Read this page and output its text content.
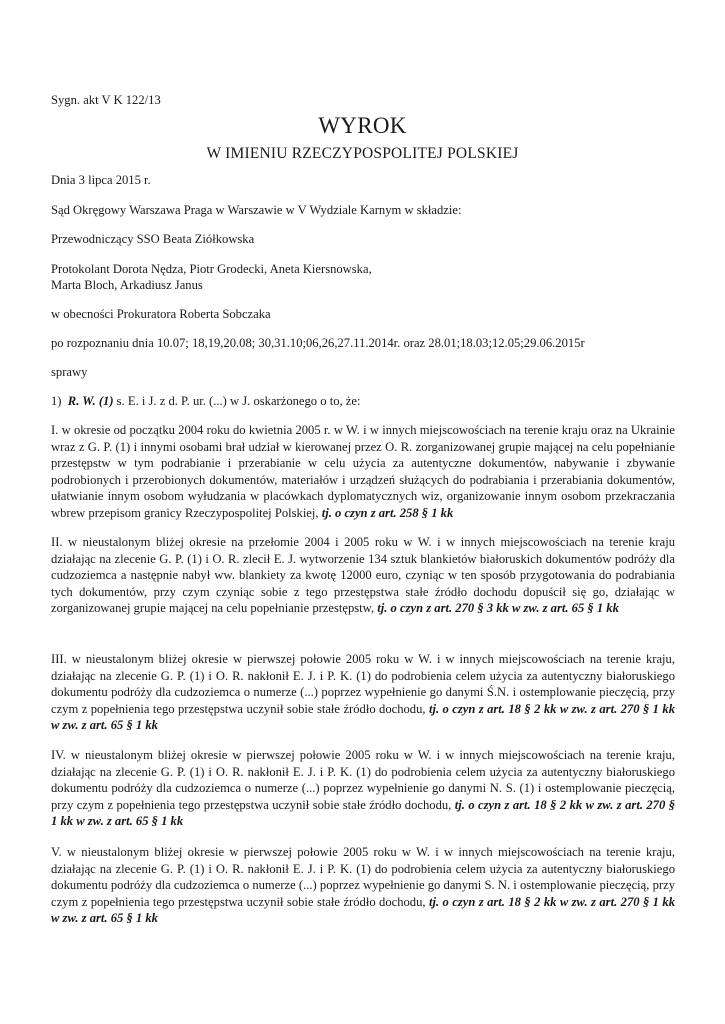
Sygn. akt V K 122/13
WYROK
W IMIENIU RZECZYPOSPOLITEJ POLSKIEJ
Dnia 3 lipca 2015 r.
Sąd Okręgowy Warszawa Praga w Warszawie w V Wydziale Karnym w składzie:
Przewodniczący SSO Beata Ziółkowska
Protokolant Dorota Nędza, Piotr Grodecki, Aneta Kiersnowska,
Marta Bloch, Arkadiusz Janus
w obecności Prokuratora Roberta Sobczaka
po rozpoznaniu dnia 10.07; 18,19,20.08; 30,31.10;06,26,27.11.2014r. oraz 28.01;18.03;12.05;29.06.2015r
sprawy
1) R. W. (1) s. E. i J. z d. P. ur. (...) w J. oskarżonego o to, że:
I. w okresie od początku 2004 roku do kwietnia 2005 r. w W. i w innych miejscowościach na terenie kraju oraz na Ukrainie wraz z G. P. (1) i innymi osobami brał udział w kierowanej przez O. R. zorganizowanej grupie mającej na celu popełnianie przestępstw w tym podrabianie i przerabianie w celu użycia za autentyczne dokumentów, nabywanie i zbywanie podrobionych i przerobionych dokumentów, materiałów i urządzeń służących do podrabiania i przerabiania dokumentów, ułatwianie innym osobom wyłudzania w placówkach dyplomatycznych wiz, organizowanie innym osobom przekraczania wbrew przepisom granicy Rzeczypospolitej Polskiej, tj. o czyn z art. 258 § 1 kk
II. w nieustalonym bliżej okresie na przełomie 2004 i 2005 roku w W. i w innych miejscowościach na terenie kraju działając na zlecenie G. P. (1) i O. R. zlecił E. J. wytworzenie 134 sztuk blankietów białoruskich dokumentów podróży dla cudzoziemca a następnie nabył ww. blankiety za kwotę 12000 euro, czyniąc w ten sposób przygotowania do podrabiania tych dokumentów, przy czym czyniąc sobie z tego przestępstwa stałe źródło dochodu dopuścił się go, działając w zorganizowanej grupie mającej na celu popełnianie przestępstw, tj. o czyn z art. 270 § 3 kk w zw. z art. 65 § 1 kk
III. w nieustalonym bliżej okresie w pierwszej połowie 2005 roku w W. i w innych miejscowościach na terenie kraju, działając na zlecenie G. P. (1) i O. R. nakłonił E. J. i P. K. (1) do podrobienia celem użycia za autentyczny białoruskiego dokumentu podróży dla cudzoziemca o numerze (...) poprzez wypełnienie go danymi Ś.N. i ostemplowanie pieczęcią, przy czym z popełnienia tego przestępstwa uczynił sobie stałe źródło dochodu, tj. o czyn z art. 18 § 2 kk w zw. z art. 270 § 1 kk w zw. z art. 65 § 1 kk
IV. w nieustalonym bliżej okresie w pierwszej połowie 2005 roku w W. i w innych miejscowościach na terenie kraju, działając na zlecenie G. P. (1) i O. R. nakłonił E. J. i P. K. (1) do podrobienia celem użycia za autentyczny białoruskiego dokumentu podróży dla cudzoziemca o numerze (...) poprzez wypełnienie go danymi N. S. (1) i ostemplowanie pieczęcią, przy czym z popełnienia tego przestępstwa uczynił sobie stałe źródło dochodu, tj. o czyn z art. 18 § 2 kk w zw. z art. 270 § 1 kk w zw. z art. 65 § 1 kk
V. w nieustalonym bliżej okresie w pierwszej połowie 2005 roku w W. i w innych miejscowościach na terenie kraju, działając na zlecenie G. P. (1) i O. R. nakłonił E. J. i P. K. (1) do podrobienia celem użycia za autentyczny białoruskiego dokumentu podróży dla cudzoziemca o numerze (...) poprzez wypełnienie go danymi S. N. i ostemplowanie pieczęcią, przy czym z popełnienia tego przestępstwa uczynił sobie stałe źródło dochodu, tj. o czyn z art. 18 § 2 kk w zw. z art. 270 § 1 kk w zw. z art. 65 § 1 kk
